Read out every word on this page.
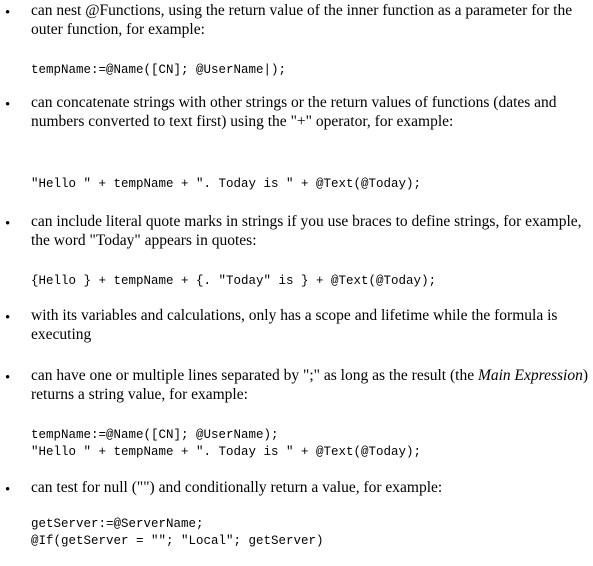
• can nest @Functions, using the return value of the inner function as a parameter for the outer function, for example:

tempName:=@Name([CN]; @UserName|);
• can concatenate strings with other strings or the return values of functions (dates and numbers converted to text first) using the "+" operator, for example:

"Hello " + tempName + ". Today is " + @Text(@Today);
• can include literal quote marks in strings if you use braces to define strings, for example, the word "Today" appears in quotes:

{Hello } + tempName + {. "Today" is } + @Text(@Today);
• with its variables and calculations, only has a scope and lifetime while the formula is executing

• can have one or multiple lines separated by ";" as long as the result (the Main Expression) returns a string value, for example:

tempName:=@Name([CN]; @UserName);
"Hello " + tempName + ". Today is " + @Text(@Today);
• can test for null ("") and conditionally return a value, for example:

getServer:=@ServerName;
@If(getServer = ""; "Local"; getServer)
